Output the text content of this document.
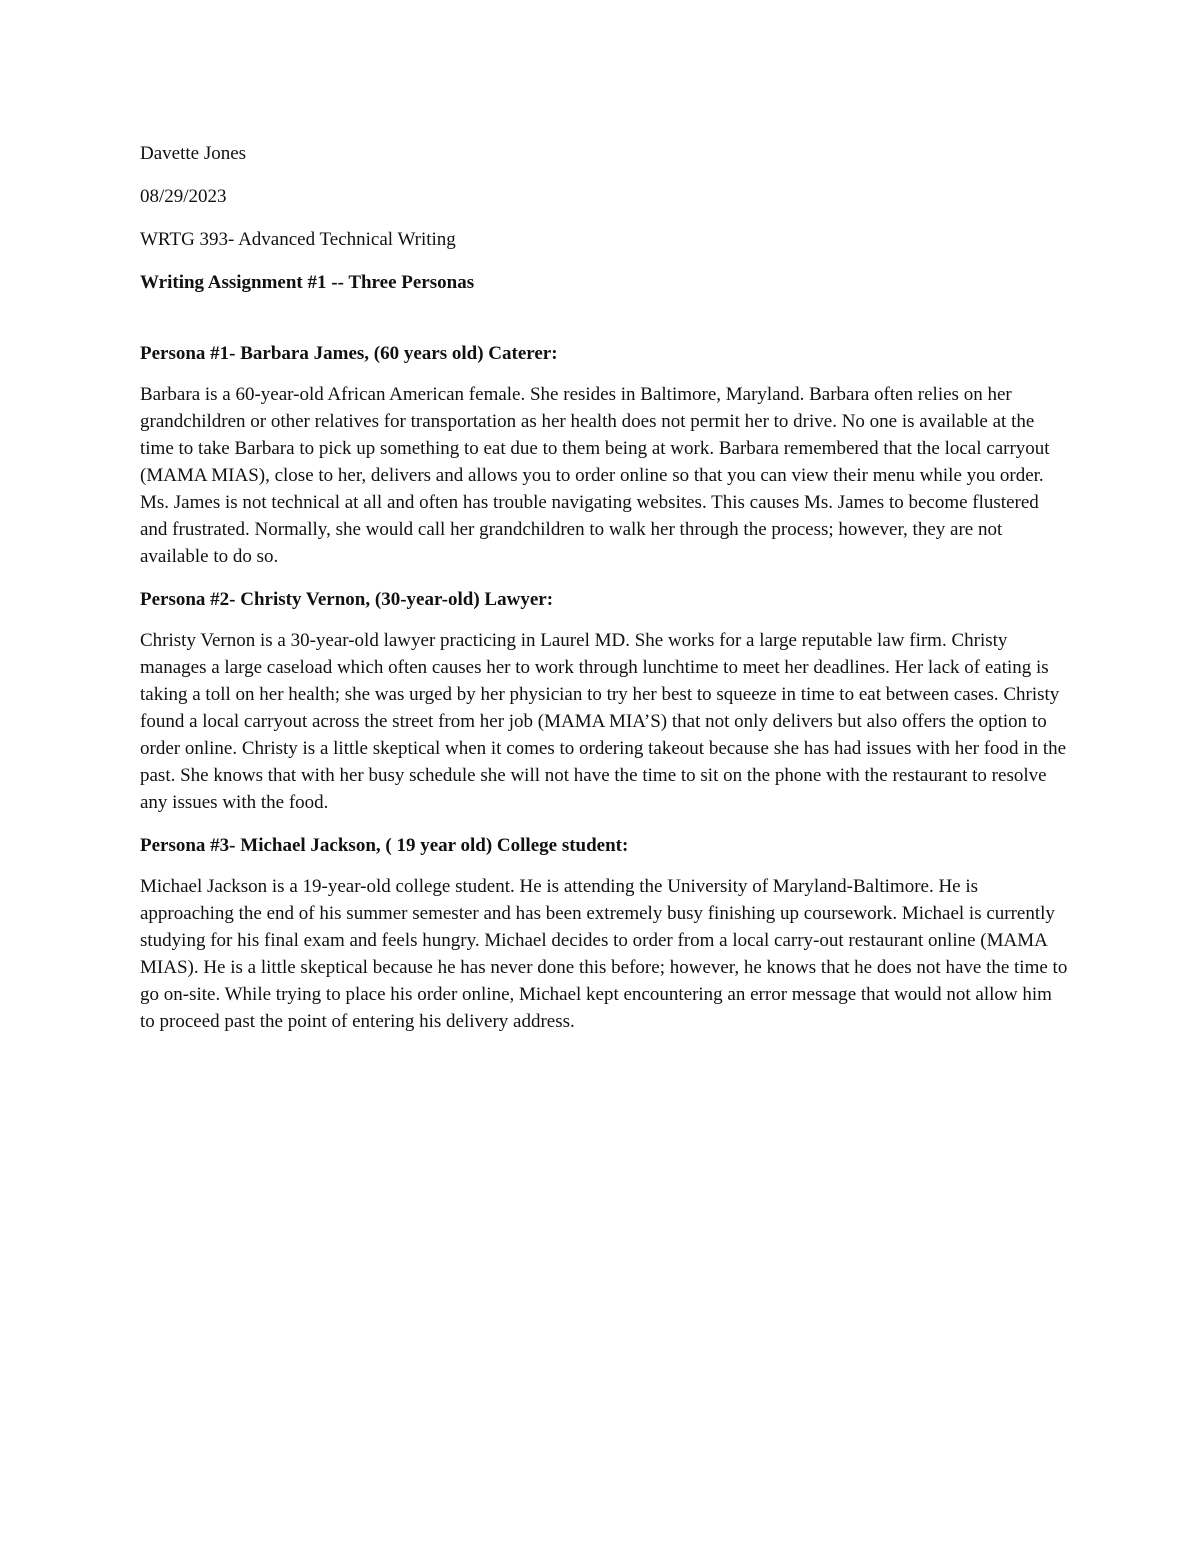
Davette Jones

08/29/2023

WRTG 393- Advanced Technical Writing

Writing Assignment #1 -- Three Personas

Persona #1- Barbara James, (60 years old) Caterer:

Barbara is a 60-year-old African American female. She resides in Baltimore, Maryland. Barbara often relies on her grandchildren or other relatives for transportation as her health does not permit her to drive. No one is available at the time to take Barbara to pick up something to eat due to them being at work. Barbara remembered that the local carryout (MAMA MIAS), close to her, delivers and allows you to order online so that you can view their menu while you order. Ms. James is not technical at all and often has trouble navigating websites. This causes Ms. James to become flustered and frustrated. Normally, she would call her grandchildren to walk her through the process; however, they are not available to do so.

Persona #2- Christy Vernon, (30-year-old) Lawyer:

Christy Vernon is a 30-year-old lawyer practicing in Laurel MD. She works for a large reputable law firm. Christy manages a large caseload which often causes her to work through lunchtime to meet her deadlines. Her lack of eating is taking a toll on her health; she was urged by her physician to try her best to squeeze in time to eat between cases. Christy found a local carryout across the street from her job (MAMA MIA’S) that not only delivers but also offers the option to order online. Christy is a little skeptical when it comes to ordering takeout because she has had issues with her food in the past. She knows that with her busy schedule she will not have the time to sit on the phone with the restaurant to resolve any issues with the food.

Persona #3- Michael Jackson, ( 19 year old) College student:

Michael Jackson is a 19-year-old college student. He is attending the University of Maryland-Baltimore. He is approaching the end of his summer semester and has been extremely busy finishing up coursework. Michael is currently studying for his final exam and feels hungry. Michael decides to order from a local carry-out restaurant online (MAMA MIAS). He is a little skeptical because he has never done this before; however, he knows that he does not have the time to go on-site. While trying to place his order online, Michael kept encountering an error message that would not allow him to proceed past the point of entering his delivery address.
